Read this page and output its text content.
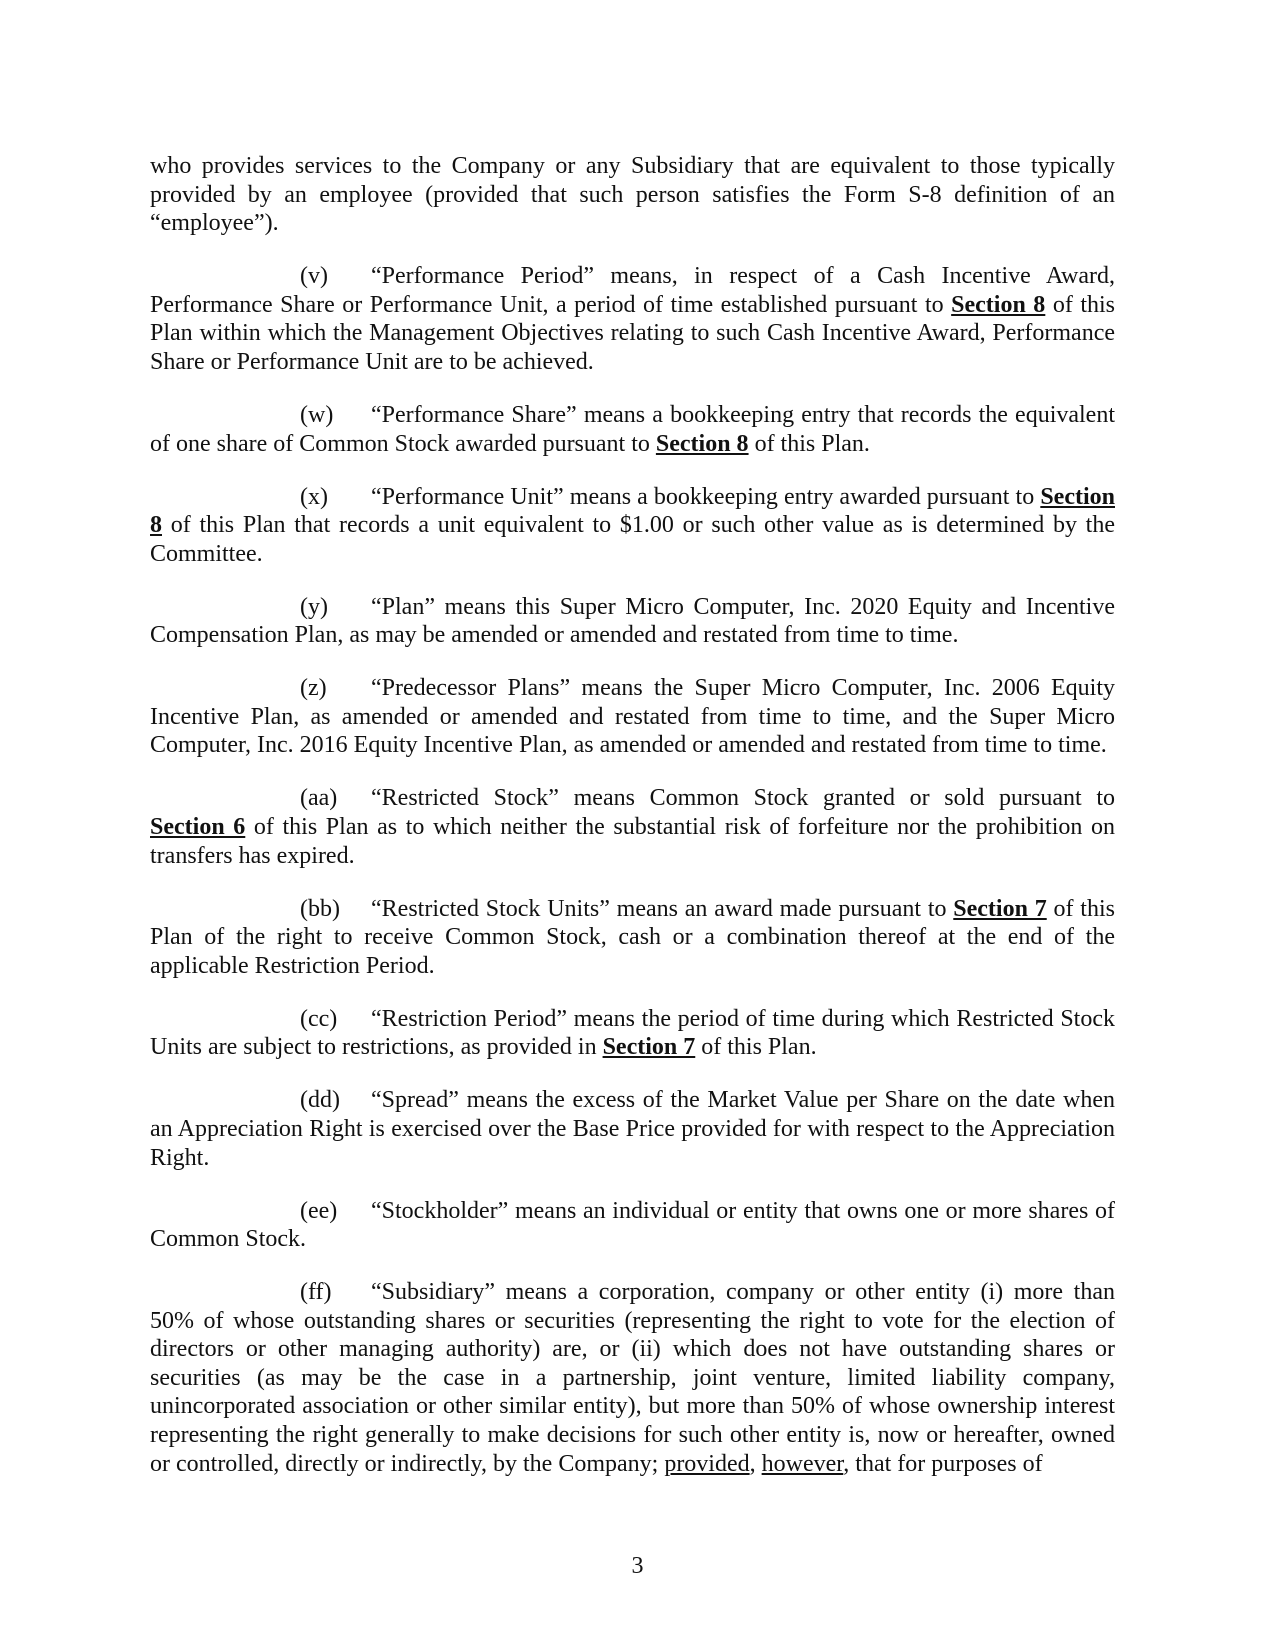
who provides services to the Company or any Subsidiary that are equivalent to those typically provided by an employee (provided that such person satisfies the Form S-8 definition of an “employee”).

(v) “Performance Period” means, in respect of a Cash Incentive Award, Performance Share or Performance Unit, a period of time established pursuant to Section 8 of this Plan within which the Management Objectives relating to such Cash Incentive Award, Performance Share or Performance Unit are to be achieved.

(w) “Performance Share” means a bookkeeping entry that records the equivalent of one share of Common Stock awarded pursuant to Section 8 of this Plan.

(x) “Performance Unit” means a bookkeeping entry awarded pursuant to Section 8 of this Plan that records a unit equivalent to $1.00 or such other value as is determined by the Committee.

(y) “Plan” means this Super Micro Computer, Inc. 2020 Equity and Incentive Compensation Plan, as may be amended or amended and restated from time to time.

(z) “Predecessor Plans” means the Super Micro Computer, Inc. 2006 Equity Incentive Plan, as amended or amended and restated from time to time, and the Super Micro Computer, Inc. 2016 Equity Incentive Plan, as amended or amended and restated from time to time.

(aa) “Restricted Stock” means Common Stock granted or sold pursuant to Section 6 of this Plan as to which neither the substantial risk of forfeiture nor the prohibition on transfers has expired.

(bb) “Restricted Stock Units” means an award made pursuant to Section 7 of this Plan of the right to receive Common Stock, cash or a combination thereof at the end of the applicable Restriction Period.

(cc) “Restriction Period” means the period of time during which Restricted Stock Units are subject to restrictions, as provided in Section 7 of this Plan.

(dd) “Spread” means the excess of the Market Value per Share on the date when an Appreciation Right is exercised over the Base Price provided for with respect to the Appreciation Right.

(ee) “Stockholder” means an individual or entity that owns one or more shares of Common Stock.

(ff) “Subsidiary” means a corporation, company or other entity (i) more than 50% of whose outstanding shares or securities (representing the right to vote for the election of directors or other managing authority) are, or (ii) which does not have outstanding shares or securities (as may be the case in a partnership, joint venture, limited liability company, unincorporated association or other similar entity), but more than 50% of whose ownership interest representing the right generally to make decisions for such other entity is, now or hereafter, owned or controlled, directly or indirectly, by the Company; provided, however, that for purposes of

3
